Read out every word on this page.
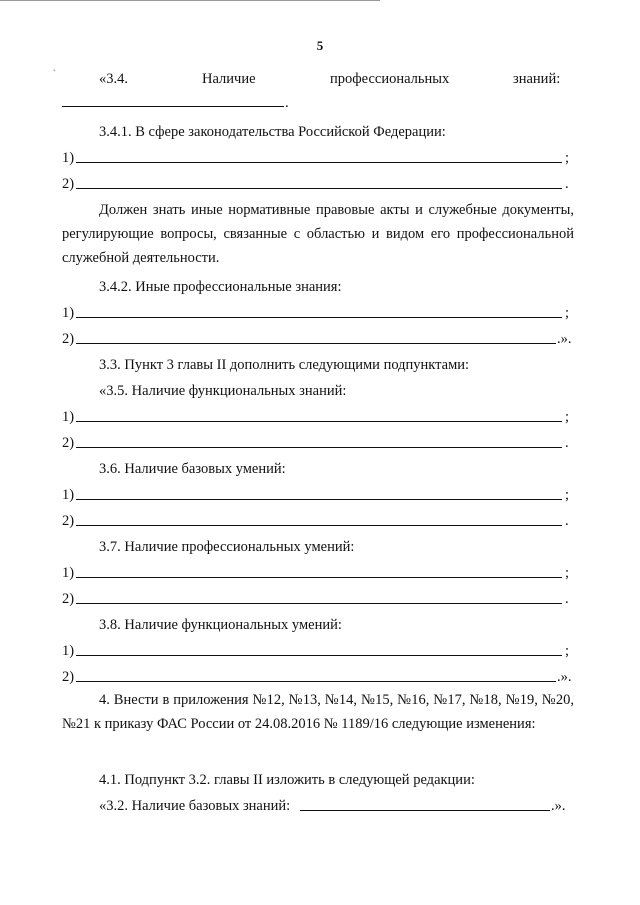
ʻ
5
«3.4.	Наличие	профессиональных	знаний:
.
3.4.1. В сфере законодательства Российской Федерации:
1)	;
2)	.
Должен знать иные нормативные правовые акты и служебные документы, регулирующие вопросы, связанные с областью и видом его профессиональной служебной деятельности.
3.4.2. Иные профессиональные знания:
1)	;
2)	.».
3.3. Пункт 3 главы II дополнить следующими подпунктами:
«3.5. Наличие функциональных знаний:
1)	;
2)	.
3.6. Наличие базовых умений:
1)	;
2)	.
3.7. Наличие профессиональных умений:
1)	;
2)	.
3.8. Наличие функциональных умений:
1)	;
2)	.».
4. Внести в приложения №12, №13, №14, №15, №16, №17, №18, №19, №20, №21 к приказу ФАС России от 24.08.2016 № 1189/16 следующие изменения:
4.1. Подпункт 3.2. главы II изложить в следующей редакции:
«3.2. Наличие базовых знаний:	.».
